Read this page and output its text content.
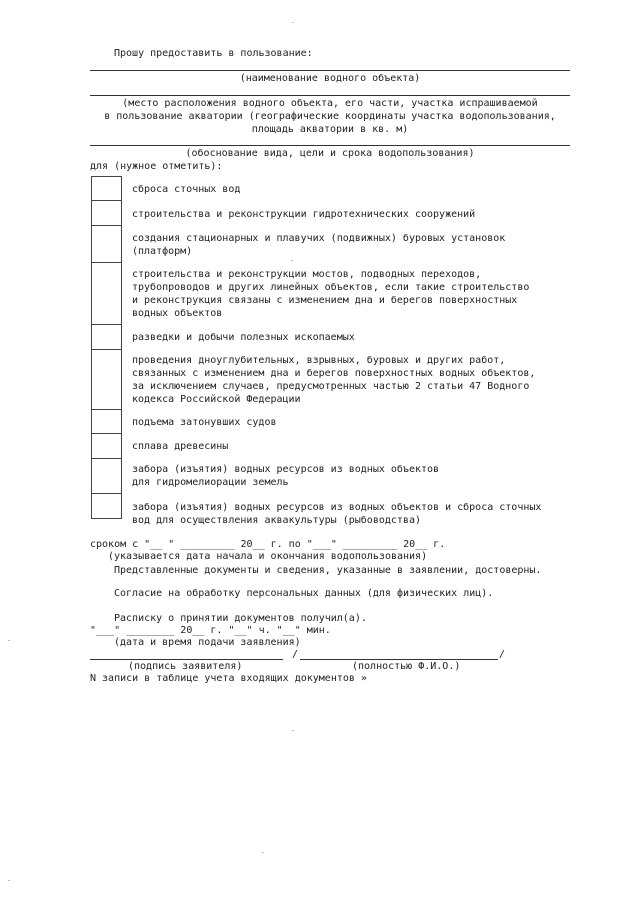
Прошу предоставить в пользование:
(наименование водного объекта)
(место расположения водного объекта, его части, участка испрашиваемой
в пользование акватории (географические координаты участка водопользования,
площадь акватории в кв. м)
(обоснование вида, цели и срока водопользования)
для (нужное отметить):
сброса сточных вод
строительства и реконструкции гидротехнических сооружений
создания стационарных и плавучих (подвижных) буровых установок
(платформ)
строительства и реконструкции мостов, подводных переходов,
трубопроводов и других линейных объектов, если такие строительство
и реконструкция связаны с изменением дна и берегов поверхностных
водных объектов
разведки и добычи полезных ископаемых
проведения дноуглубительных, взрывных, буровых и других работ,
связанных с изменением дна и берегов поверхностных водных объектов,
за исключением случаев, предусмотренных частью 2 статьи 47 Водного
кодекса Российской Федерации
подъема затонувших судов
сплава древесины
забора (изъятия) водных ресурсов из водных объектов
для гидромелиорации земель
забора (изъятия) водных ресурсов из водных объектов и сброса сточных
вод для осуществления аквакультуры (рыбоводства)
сроком с "__ " _________ 20__ г. по "___" _________ 20__ г.
(указывается дата начала и окончания водопользования)
Представленные документы и сведения, указанные в заявлении, достоверны.
Согласие на обработку персональных данных (для физических лиц).
Расписку о принятии документов получил(а).
"___" ________ 20__ г. "__" ч. "__" мин.
(дата и время подачи заявления)
/	/
(подпись заявителя)	(полностью Ф.И.О.)
N записи в таблице учета входящих документов »
